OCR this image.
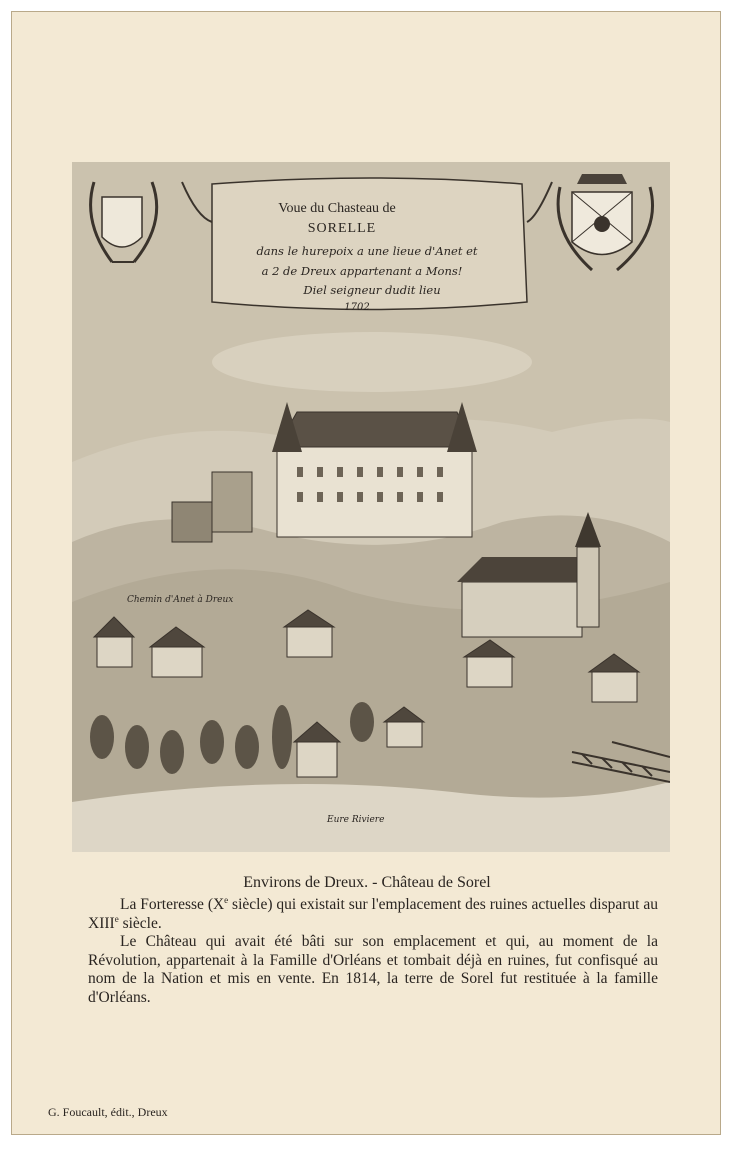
Voue du Chasteau de
SORELLE
dans le hurepoix a une lieue d'Anet et
a 2 de Dreux appartenant a Mons!
Diel seigneur dudit lieu
1702
Chemin d'Anet à Dreux
Eure Riviere
Environs de Dreux. - Château de Sorel

La Forteresse (Xe siècle) qui existait sur l'emplacement des ruines actuelles disparut au XIIIe siècle.

Le Château qui avait été bâti sur son emplacement et qui, au moment de la Révolution, appartenait à la Famille d'Orléans et tombait déjà en ruines, fut confisqué au nom de la Nation et mis en vente. En 1814, la terre de Sorel fut restituée à la famille d'Orléans.

G. Foucault, édit., Dreux
